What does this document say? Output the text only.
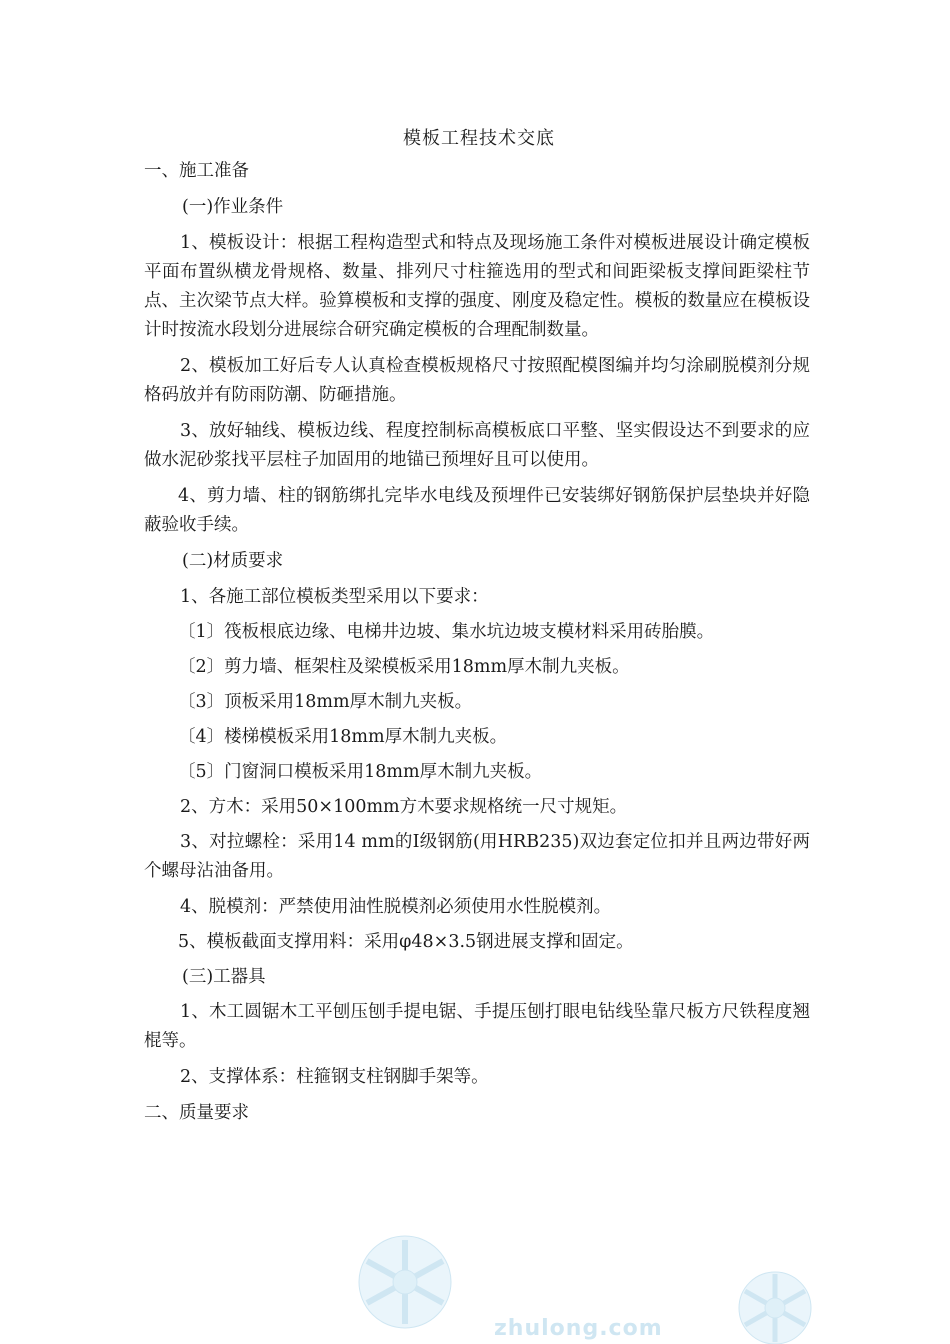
模板工程技术交底

一、施工准备

(一)作业条件

1、模板设计：根据工程构造型式和特点及现场施工条件对模板进展设计确定模板平面布置纵横龙骨规格、数量、排列尺寸柱箍选用的型式和间距梁板支撑间距梁柱节点、主次梁节点大样。验算模板和支撑的强度、刚度及稳定性。模板的数量应在模板设计时按流水段划分进展综合研究确定模板的合理配制数量。

2、模板加工好后专人认真检查模板规格尺寸按照配模图编并均匀涂刷脱模剂分规格码放并有防雨防潮、防砸措施。

3、放好轴线、模板边线、程度控制标高模板底口平整、坚实假设达不到要求的应做水泥砂浆找平层柱子加固用的地锚已预埋好且可以使用。

4、剪力墙、柱的钢筋绑扎完毕水电线及预埋件已安装绑好钢筋保护层垫块并好隐蔽验收手续。

(二)材质要求

1、各施工部位模板类型采用以下要求：

〔1〕筏板根底边缘、电梯井边坡、集水坑边坡支模材料采用砖胎膜。

〔2〕剪力墙、框架柱及梁模板采用18mm厚木制九夹板。

〔3〕顶板采用18mm厚木制九夹板。

〔4〕楼梯模板采用18mm厚木制九夹板。

〔5〕门窗洞口模板采用18mm厚木制九夹板。

2、方木：采用50×100mm方木要求规格统一尺寸规矩。

3、对拉螺栓：采用14 mm的Ⅰ级钢筋(用HRB235)双边套定位扣并且两边带好两个螺母沾油备用。

4、脱模剂：严禁使用油性脱模剂必须使用水性脱模剂。

5、模板截面支撑用料：采用φ48×3.5钢进展支撑和固定。

(三)工器具

1、木工圆锯木工平刨压刨手提电锯、手提压刨打眼电钻线坠靠尺板方尺铁程度翘棍等。

2、支撑体系：柱箍钢支柱钢脚手架等。

二、质量要求

zhulong.com
